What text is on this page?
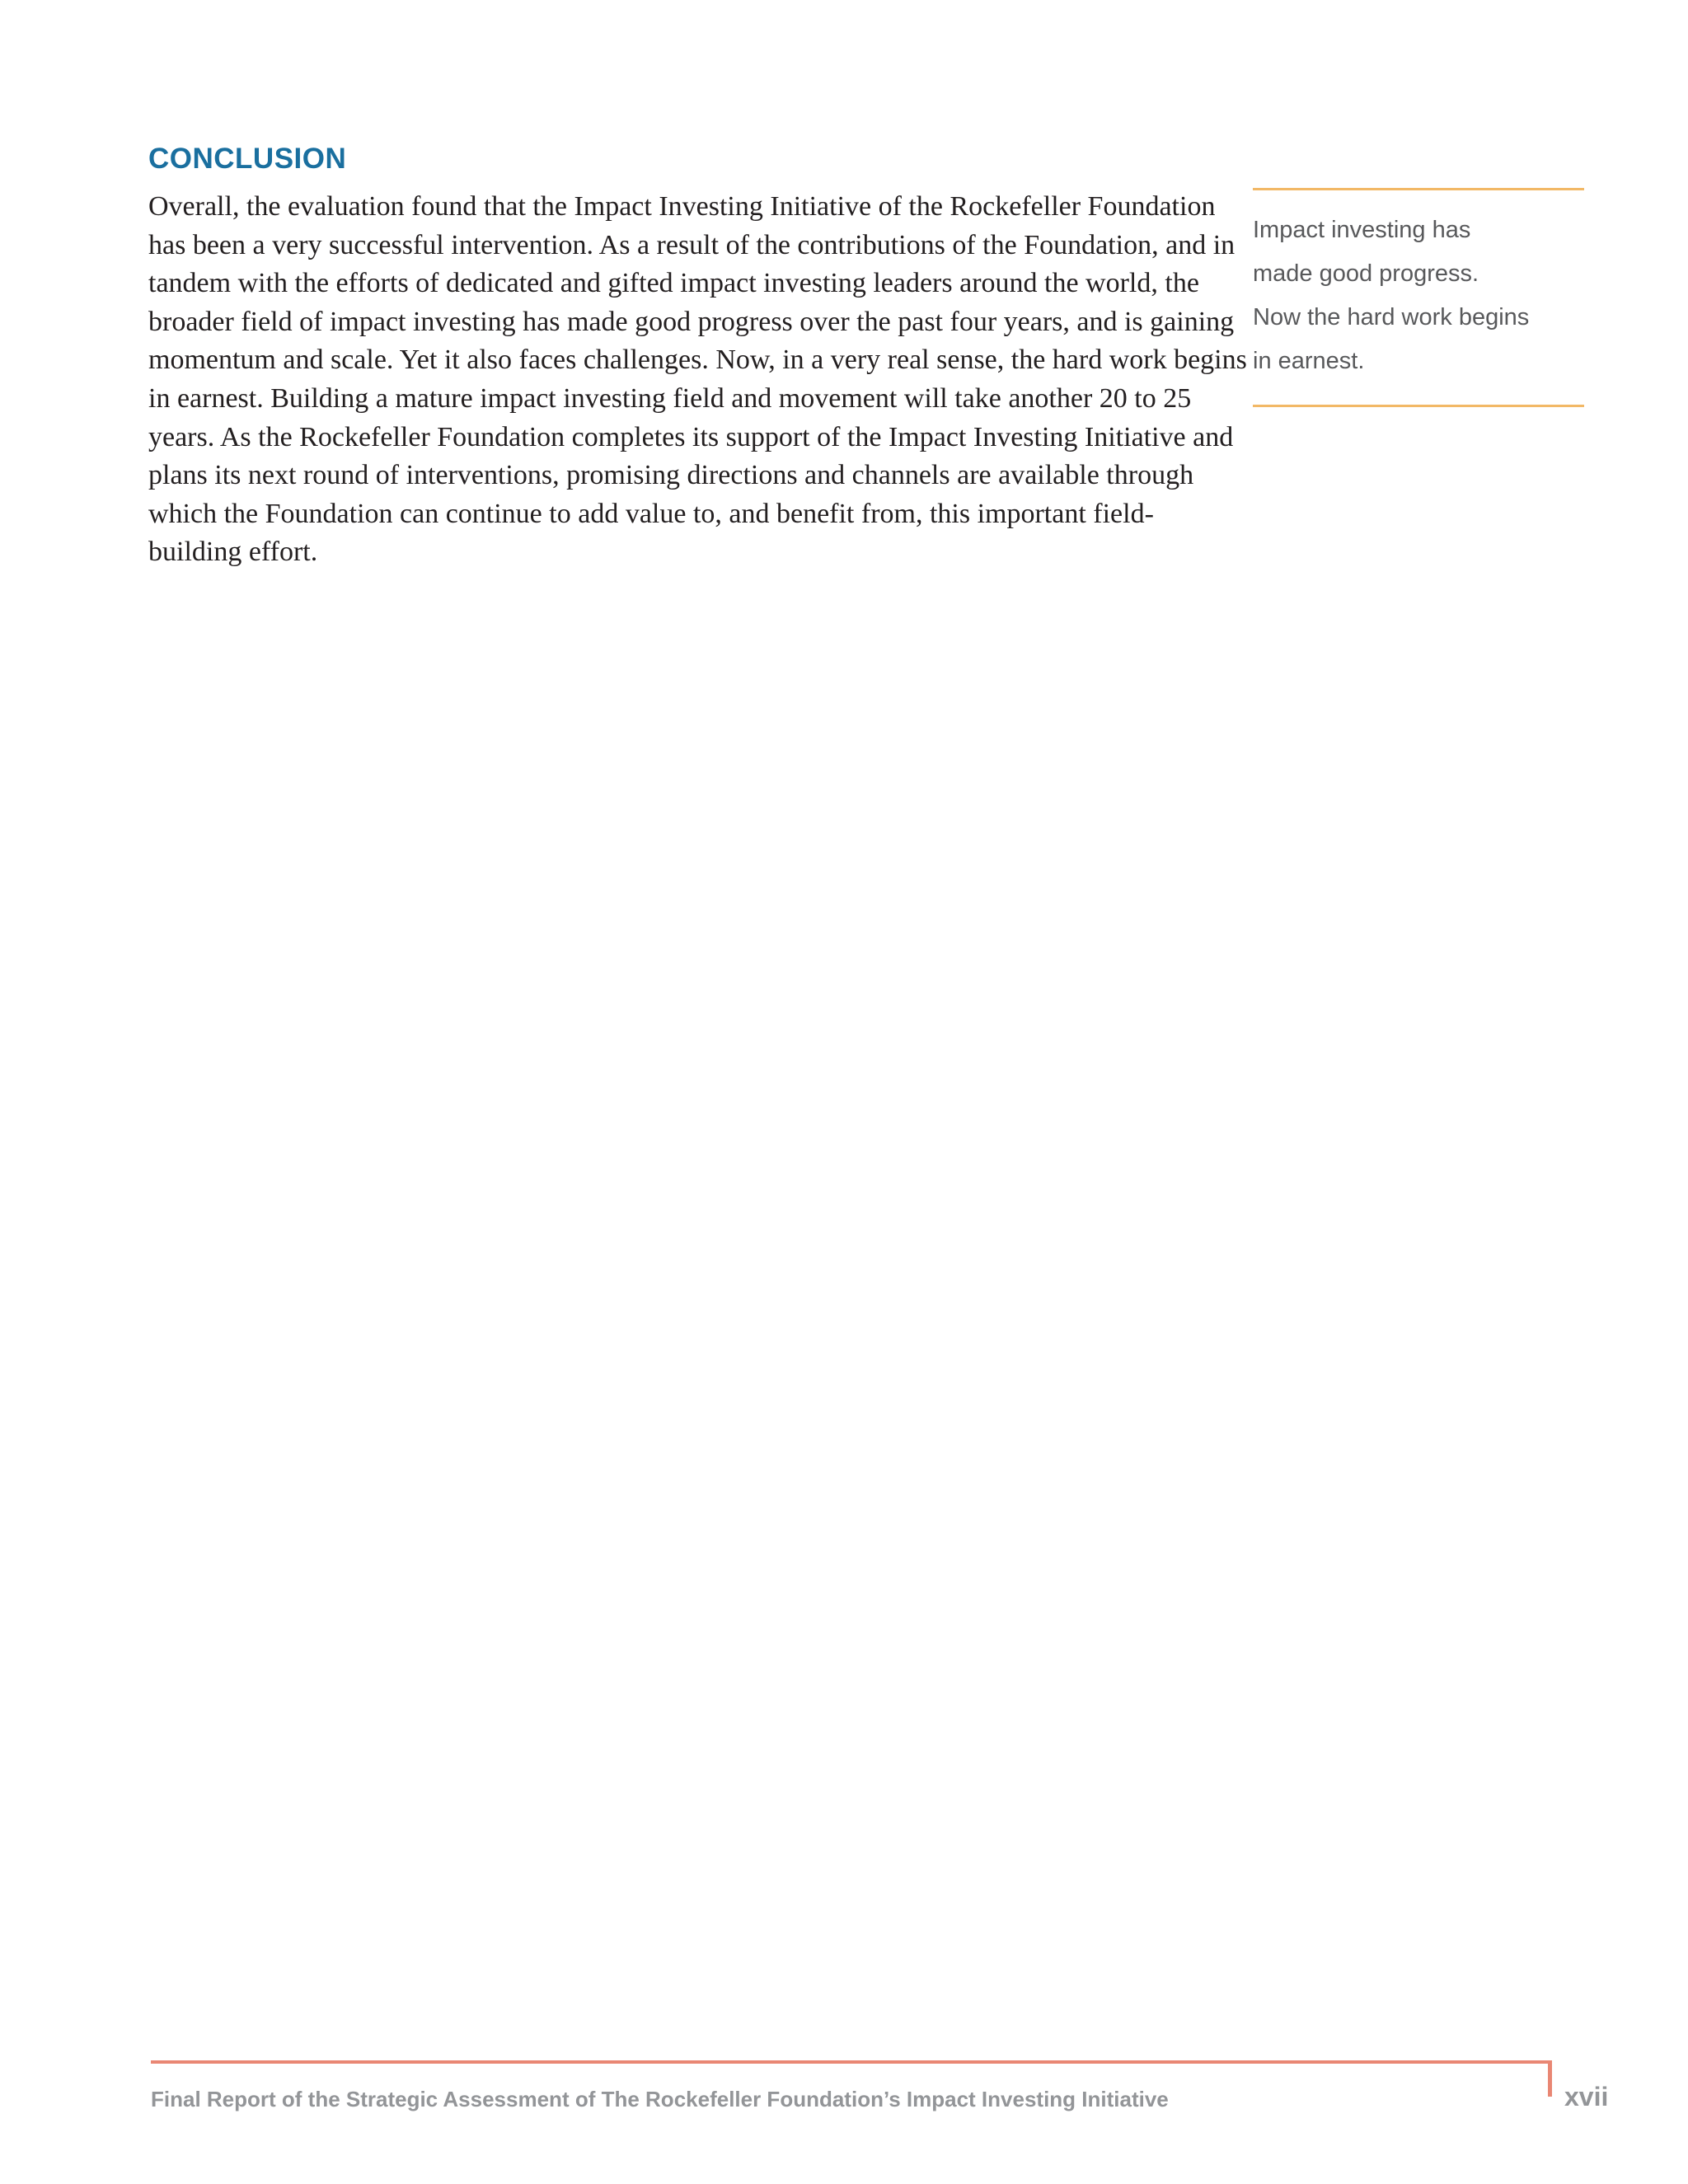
CONCLUSION

Overall, the evaluation found that the Impact Investing Initiative of the Rockefeller Foundation
has been a very successful intervention. As a result of the contributions of the Foundation, and in
tandem with the efforts of dedicated and gifted impact investing leaders around the world, the
broader field of impact investing has made good progress over the past four years, and is gaining
momentum and scale. Yet it also faces challenges. Now, in a very real sense, the hard work begins
in earnest. Building a mature impact investing field and movement will take another 20 to 25
years. As the Rockefeller Foundation completes its support of the Impact Investing Initiative and
plans its next round of interventions, promising directions and channels are available through
which the Foundation can continue to add value to, and benefit from, this important field-
building effort.

Impact investing has
made good progress.
Now the hard work begins
in earnest.

Final Report of the Strategic Assessment of The Rockefeller Foundation’s Impact Investing Initiative	xvii
